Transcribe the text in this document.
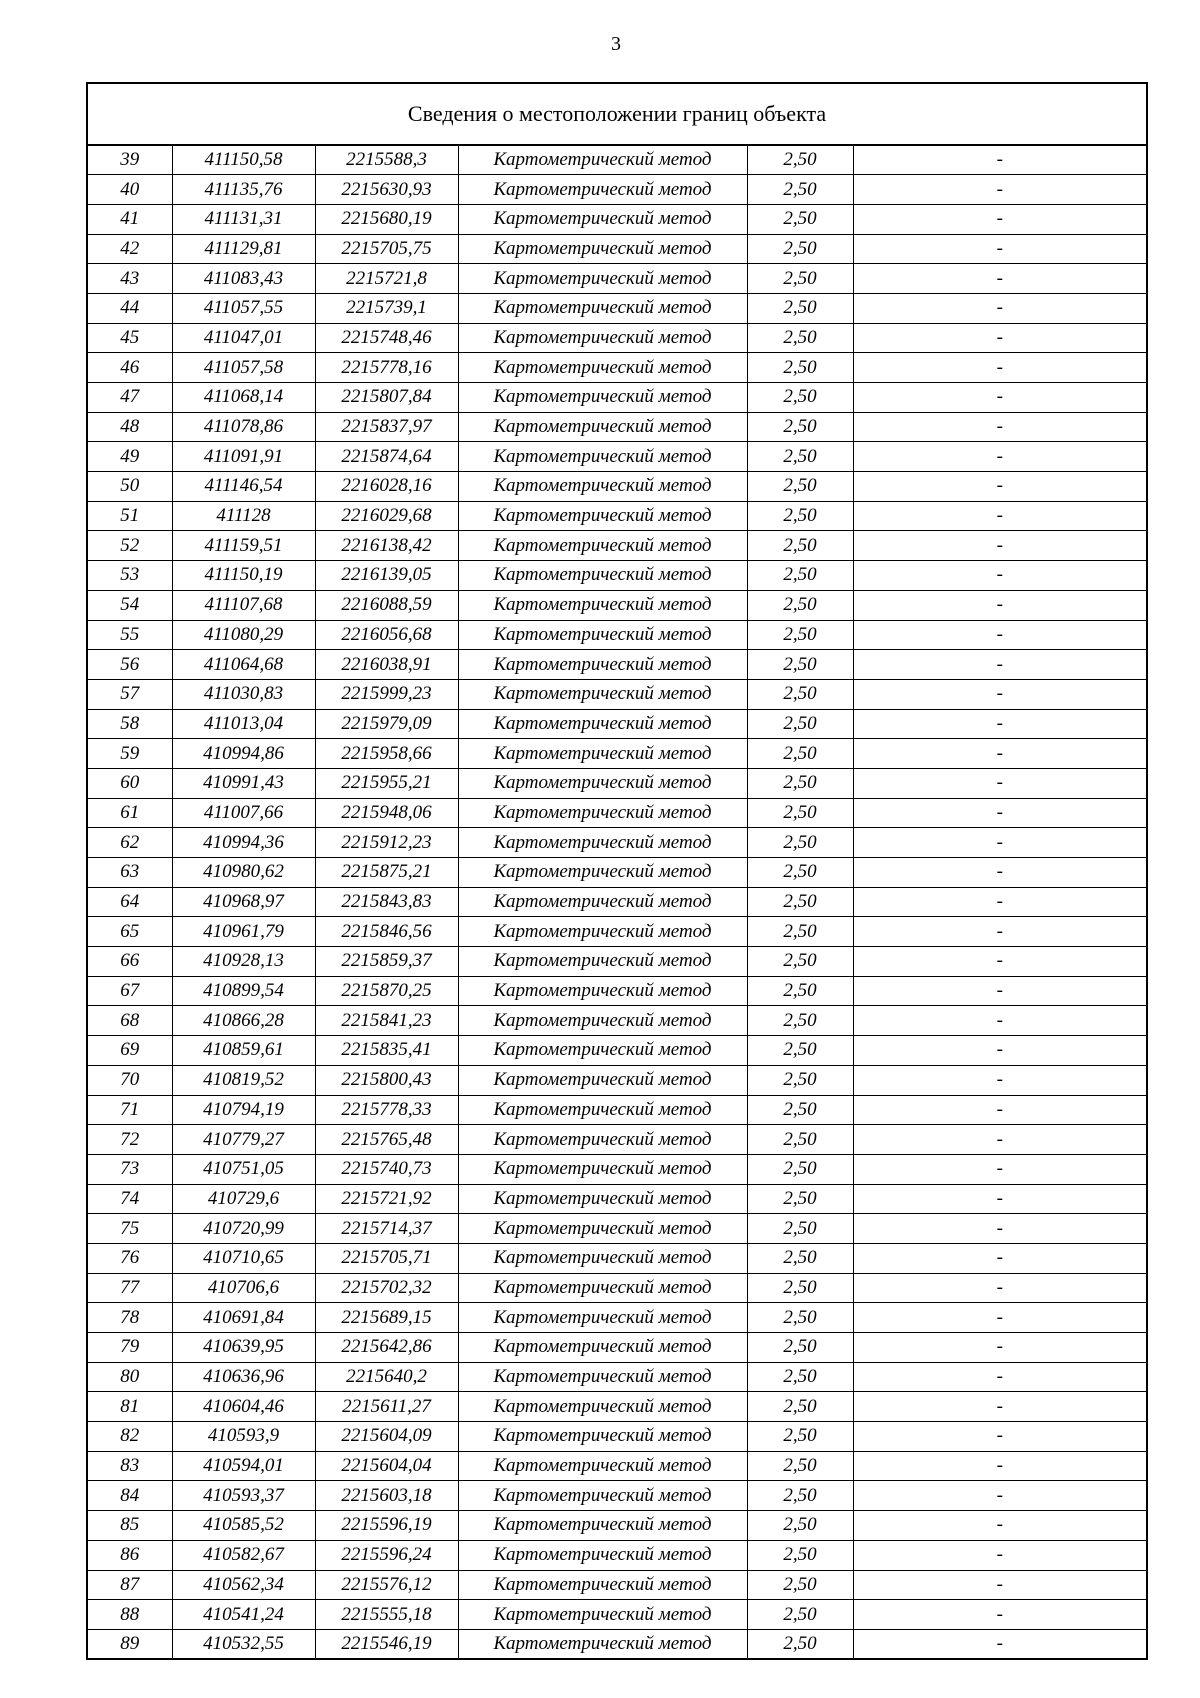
3
Сведения о местоположении границ объекта					
39	411150,58	2215588,3	Картометрический метод	2,50	-
40	411135,76	2215630,93	Картометрический метод	2,50	-
41	411131,31	2215680,19	Картометрический метод	2,50	-
42	411129,81	2215705,75	Картометрический метод	2,50	-
43	411083,43	2215721,8	Картометрический метод	2,50	-
44	411057,55	2215739,1	Картометрический метод	2,50	-
45	411047,01	2215748,46	Картометрический метод	2,50	-
46	411057,58	2215778,16	Картометрический метод	2,50	-
47	411068,14	2215807,84	Картометрический метод	2,50	-
48	411078,86	2215837,97	Картометрический метод	2,50	-
49	411091,91	2215874,64	Картометрический метод	2,50	-
50	411146,54	2216028,16	Картометрический метод	2,50	-
51	411128	2216029,68	Картометрический метод	2,50	-
52	411159,51	2216138,42	Картометрический метод	2,50	-
53	411150,19	2216139,05	Картометрический метод	2,50	-
54	411107,68	2216088,59	Картометрический метод	2,50	-
55	411080,29	2216056,68	Картометрический метод	2,50	-
56	411064,68	2216038,91	Картометрический метод	2,50	-
57	411030,83	2215999,23	Картометрический метод	2,50	-
58	411013,04	2215979,09	Картометрический метод	2,50	-
59	410994,86	2215958,66	Картометрический метод	2,50	-
60	410991,43	2215955,21	Картометрический метод	2,50	-
61	411007,66	2215948,06	Картометрический метод	2,50	-
62	410994,36	2215912,23	Картометрический метод	2,50	-
63	410980,62	2215875,21	Картометрический метод	2,50	-
64	410968,97	2215843,83	Картометрический метод	2,50	-
65	410961,79	2215846,56	Картометрический метод	2,50	-
66	410928,13	2215859,37	Картометрический метод	2,50	-
67	410899,54	2215870,25	Картометрический метод	2,50	-
68	410866,28	2215841,23	Картометрический метод	2,50	-
69	410859,61	2215835,41	Картометрический метод	2,50	-
70	410819,52	2215800,43	Картометрический метод	2,50	-
71	410794,19	2215778,33	Картометрический метод	2,50	-
72	410779,27	2215765,48	Картометрический метод	2,50	-
73	410751,05	2215740,73	Картометрический метод	2,50	-
74	410729,6	2215721,92	Картометрический метод	2,50	-
75	410720,99	2215714,37	Картометрический метод	2,50	-
76	410710,65	2215705,71	Картометрический метод	2,50	-
77	410706,6	2215702,32	Картометрический метод	2,50	-
78	410691,84	2215689,15	Картометрический метод	2,50	-
79	410639,95	2215642,86	Картометрический метод	2,50	-
80	410636,96	2215640,2	Картометрический метод	2,50	-
81	410604,46	2215611,27	Картометрический метод	2,50	-
82	410593,9	2215604,09	Картометрический метод	2,50	-
83	410594,01	2215604,04	Картометрический метод	2,50	-
84	410593,37	2215603,18	Картометрический метод	2,50	-
85	410585,52	2215596,19	Картометрический метод	2,50	-
86	410582,67	2215596,24	Картометрический метод	2,50	-
87	410562,34	2215576,12	Картометрический метод	2,50	-
88	410541,24	2215555,18	Картометрический метод	2,50	-
89	410532,55	2215546,19	Картометрический метод	2,50	-
